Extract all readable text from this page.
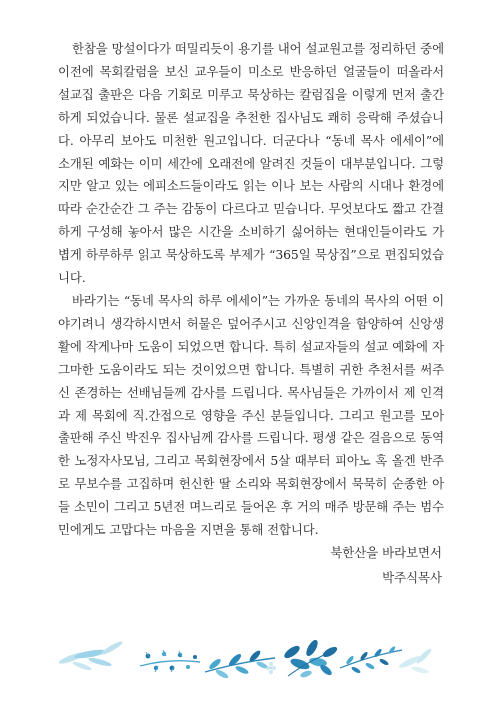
한참을 망설이다가 떠밀리듯이 용기를 내어 설교원고를 정리하던 중에 이전에 목회칼럼을 보신 교우들이 미소로 반응하던 얼굴들이 떠올라서 설교집 출판은 다음 기회로 미루고 묵상하는 칼럼집을 이렇게 먼저 출간하게 되었습니다. 물론 설교집을 추천한 집사님도 쾌히 응락해 주셨습니다. 아무리 보아도 미천한 원고입니다. 더군다나 “동네 목사 에세이”에 소개된 예화는 이미 세간에 오래전에 알려진 것들이 대부분입니다. 그렇지만 알고 있는 에피소드들이라도 읽는 이나 보는 사람의 시대나 환경에 따라 순간순간 그 주는 감동이 다르다고 믿습니다. 무엇보다도 짧고 간결하게 구성해 놓아서 많은 시간을 소비하기 싫어하는 현대인들이라도 가볍게 하루하루 읽고 묵상하도록 부제가 “365일 묵상집”으로 편집되었습니다.

바라기는 “동네 목사의 하루 에세이”는 가까운 동네의 목사의 어떤 이야기려니 생각하시면서 허물은 덮어주시고 신앙인격을 함양하여 신앙생활에 작게나마 도움이 되었으면 합니다. 특히 설교자들의 설교 예화에 자그마한 도움이라도 되는 것이었으면 합니다. 특별히 귀한 추천서를 써주신 존경하는 선배님들께 감사를 드립니다. 목사님들은 가까이서 제 인격과 제 목회에 직.간접으로 영향을 주신 분들입니다. 그리고 원고를 모아 출판해 주신 박진우 집사님께 감사를 드립니다. 평생 같은 걸음으로 동역한 노정자사모님, 그리고 목회현장에서 5살 때부터 피아노 혹 올겐 반주로 무보수를 고집하며 헌신한 딸 소리와 목회현장에서 묵묵히 순종한 아들 소민이 그리고 5년전 며느리로 들어온 후 거의 매주 방문해 주는 범수민에게도 고맙다는 마음을 지면을 통해 전합니다.

북한산을 바라보면서
박주식목사
